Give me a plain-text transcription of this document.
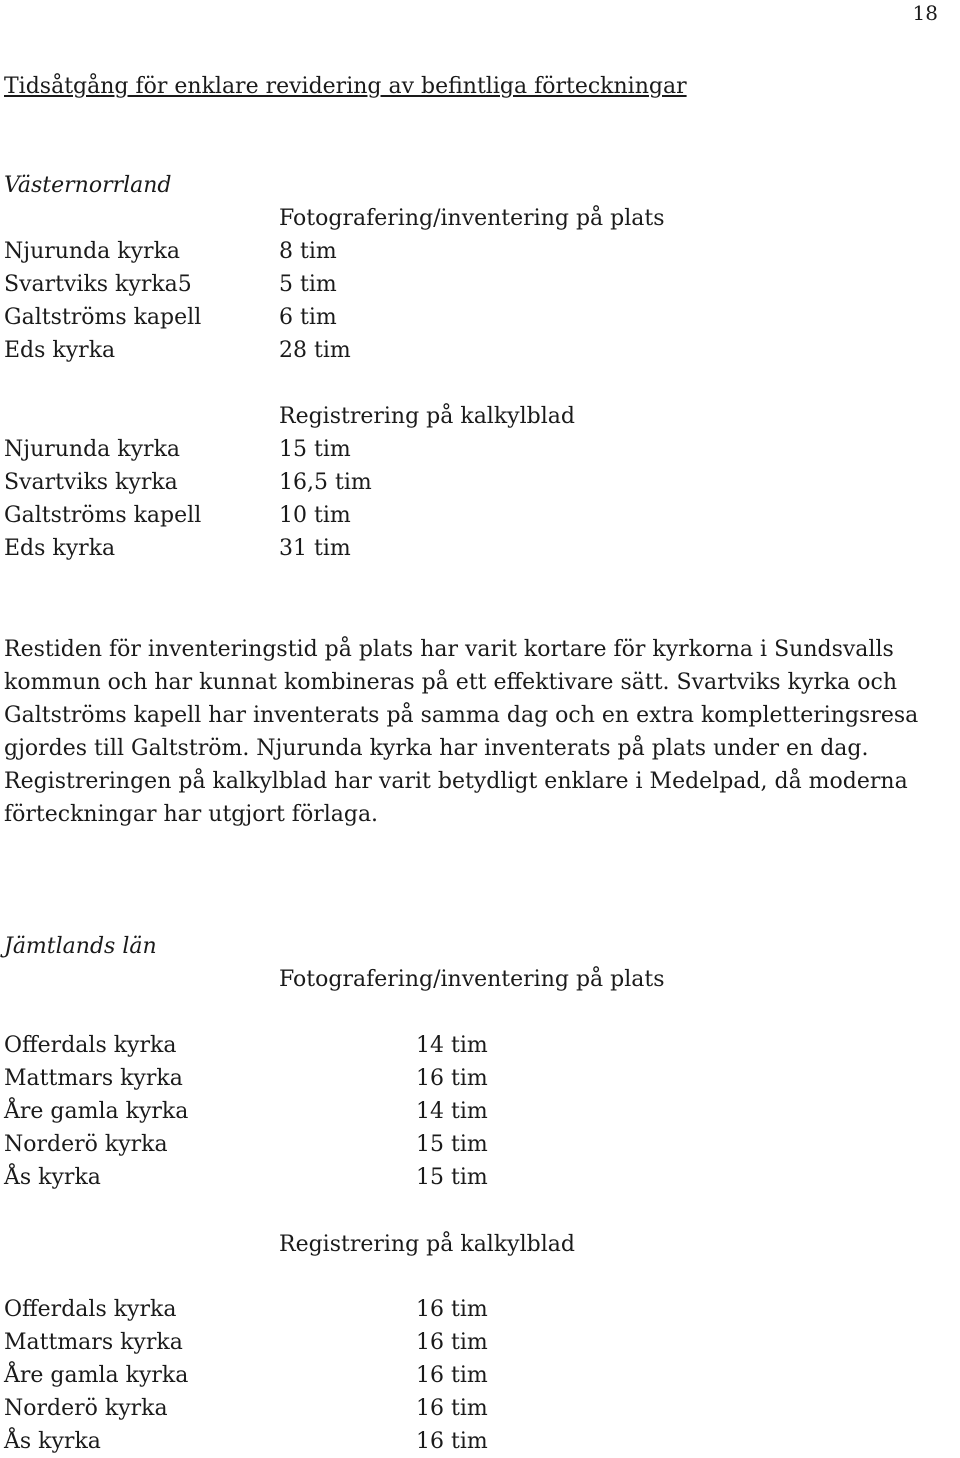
18
Tidsåtgång för enklare revidering av befintliga förteckningar
Västernorrland
Fotografering/inventering på plats
Njurunda kyrka	8 tim
Svartviks kyrka5	5 tim
Galtströms kapell	6 tim
Eds kyrka	28 tim
Registrering på kalkylblad
Njurunda kyrka	15 tim
Svartviks kyrka	16,5 tim
Galtströms kapell	10 tim
Eds kyrka	31 tim
Restiden för inventeringstid på plats har varit kortare för kyrkorna i Sundsvalls kommun och har kunnat kombineras på ett effektivare sätt. Svartviks kyrka och Galtströms kapell har inventerats på samma dag och en extra kompletteringsresa gjordes till Galtström. Njurunda kyrka har inventerats på plats under en dag. Registreringen på kalkylblad har varit betydligt enklare i Medelpad, då moderna förteckningar har utgjort förlaga.
Jämtlands län
Fotografering/inventering på plats
Offerdals kyrka	14 tim
Mattmars kyrka	16 tim
Åre gamla kyrka	14 tim
Norderö kyrka	15 tim
Ås kyrka	15 tim
Registrering på kalkylblad
Offerdals kyrka	16 tim
Mattmars kyrka	16 tim
Åre gamla kyrka	16 tim
Norderö kyrka	16 tim
Ås kyrka	16 tim
